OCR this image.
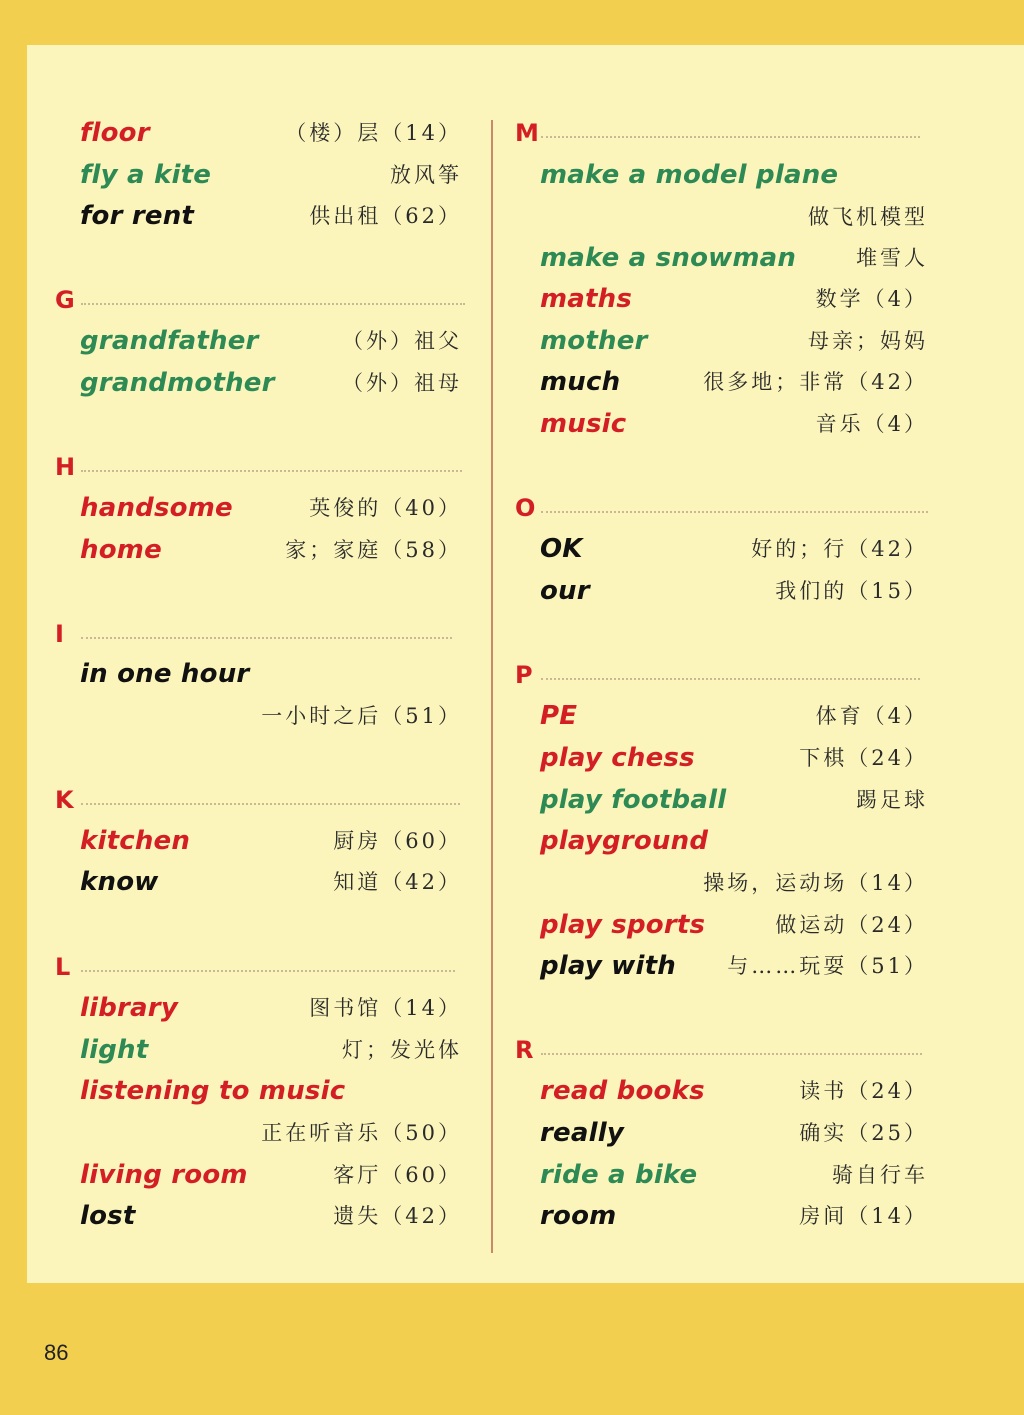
floor	（楼）层（14）
fly a kite	放风筝
for rent	供出租（62）
G
grandfather	（外）祖父
grandmother	（外）祖母
H
handsome	英俊的（40）
home	家；家庭（58）
I
in one hour
一小时之后（51）
K
kitchen	厨房（60）
know	知道（42）
L
library	图书馆（14）
light	灯；发光体
listening to music
正在听音乐（50）
living room	客厅（60）
lost	遗失（42）
M
make a model plane
做飞机模型
make a snowman	堆雪人
maths	数学（4）
mother	母亲；妈妈
much	很多地；非常（42）
music	音乐（4）
O
OK	好的；行（42）
our	我们的（15）
P
PE	体育（4）
play chess	下棋（24）
play football	踢足球
playground
操场，运动场（14）
play sports	做运动（24）
play with 与……玩耍（51）
R
read books	读书（24）
really	确实（25）
ride a bike	骑自行车
room	房间（14）
86
